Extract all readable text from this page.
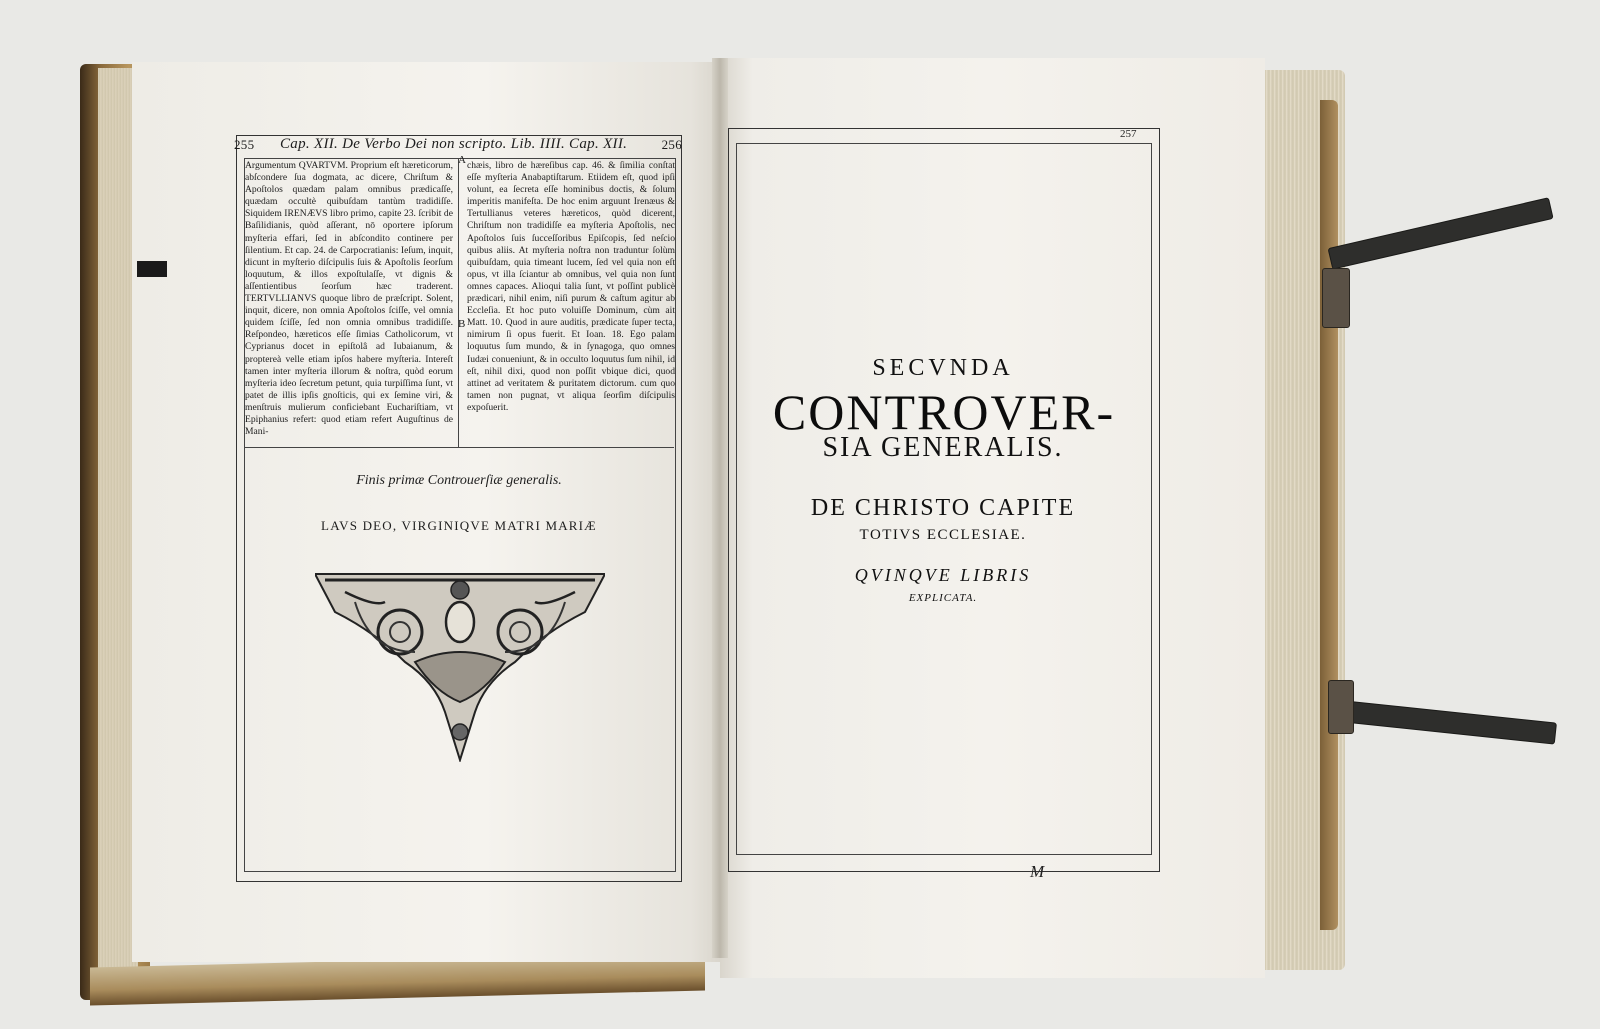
255 Cap. XII. De Verbo Dei non scripto. Lib. IIII. Cap. XII.	256
Argumentum QVARTVM. Proprium eſt hæreticorum, abſcondere ſua dogmata, ac dicere, Chriſtum & Apoſtolos quædam palam omnibus prædicaſſe, quædam occultè quibuſdam tantùm tradidiſſe. Siquidem IRENÆVS libro primo, capite 23. ſcribit de Baſilidianis, quòd aſſerant, nō oportere ipſorum myſteria effari, ſed in abſcondito continere per ſilentium. Et cap. 24. de Carpocratianis: Ieſum, inquit, dicunt in myſterio diſcipulis ſuis & Apoſtolis ſeorſum loquutum, & illos expoſtulaſſe, vt dignis & aſſentientibus ſeorſum hæc traderent. TERTVLLIANVS quoque libro de præſcript. Solent, inquit, dicere, non omnia Apoſtolos ſciſſe, vel omnia quidem ſciſſe, ſed non omnia omnibus tradidiſſe. Reſpondeo, hæreticos eſſe ſimias Catholicorum, vt Cyprianus docet in epiſtolâ ad Iubaianum, & proptereà velle etiam ipſos habere myſteria. Intereſt tamen inter myſteria illorum & noſtra, quòd eorum myſteria ideo ſecretum petunt, quia turpiſſima ſunt, vt patet de illis ipſis gnoſticis, qui ex ſemine viri, & menſtruis mulierum conficiebant Euchariſtiam, vt Epiphanius refert: quod etiam refert Auguſtinus de Mani-
chæis, libro de hæreſibus cap. 46. & ſimilia conſtat eſſe myſteria Anabaptiſtarum. Etiidem eſt, quod ipſi volunt, ea ſecreta eſſe hominibus doctis, & ſolum imperitis manifeſta. De hoc enim arguunt Irenæus & Tertullianus veteres hæreticos, quòd dicerent, Chriſtum non tradidiſſe ea myſteria Apoſtolis, nec Apoſtolos ſuis ſucceſſoribus Epiſcopis, ſed neſcio quibus aliis. At myſteria noſtra non traduntur ſolùm quibuſdam, quia timeant lucem, ſed vel quia non eſt opus, vt illa ſciantur ab omnibus, vel quia non ſunt omnes capaces. Alioqui talia ſunt, vt poſſint publicè prædicari, nihil enim, niſi purum & caſtum agitur ab Eccleſia. Et hoc puto voluiſſe Dominum, cùm ait Matt. 10. Quod in aure auditis, prædicate ſuper tecta, nimirum ſi opus fuerit. Et Ioan. 18. Ego palam loquutus ſum mundo, & in ſynagoga, quo omnes Iudæi conueniunt, & in occulto loquutus ſum nihil, id eſt, nihil dixi, quod non poſſit vbique dici, quod attinet ad veritatem & puritatem dictorum. cum quo tamen non pugnat, vt aliqua ſeorſim diſcipulis expoſuerit.
A
B
Finis primæ Controuerſiæ generalis.
LAVS DEO, VIRGINIQVE MATRI MARIÆ
257
SECVNDA
CONTROVER-
SIA GENERALIS.
DE CHRISTO CAPITE
TOTIVS ECCLESIAE.
QVINQVE LIBRIS
EXPLICATA.
M
